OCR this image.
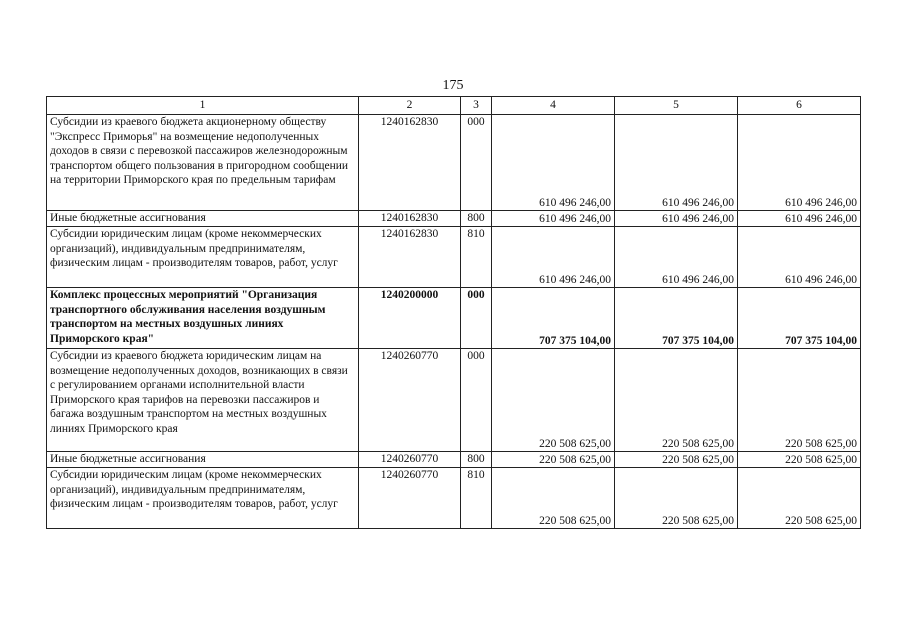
175
1	2	3	4	5	6
Субсидии из краевого бюджета акционерному обществу "Экспресс Приморья" на возмещение недополученных доходов в связи с перевозкой пассажиров железнодорожным транспортом общего пользования в пригородном сообщении на территории Приморского края по предельным тарифам	1240162830	000	610 496 246,00	610 496 246,00	610 496 246,00
Иные бюджетные ассигнования	1240162830	800	610 496 246,00	610 496 246,00	610 496 246,00
Субсидии юридическим лицам (кроме некоммерческих организаций), индивидуальным предпринимателям, физическим лицам - производителям товаров, работ, услуг	1240162830	810	610 496 246,00	610 496 246,00	610 496 246,00
Комплекс процессных мероприятий "Организация транспортного обслуживания населения воздушным транспортом на местных воздушных линиях Приморского края"	1240200000	000	707 375 104,00	707 375 104,00	707 375 104,00
Субсидии из краевого бюджета юридическим лицам на возмещение недополученных доходов, возникающих в связи с регулированием органами исполнительной власти Приморского края тарифов на перевозки пассажиров и багажа воздушным транспортом на местных воздушных линиях Приморского края	1240260770	000	220 508 625,00	220 508 625,00	220 508 625,00
Иные бюджетные ассигнования	1240260770	800	220 508 625,00	220 508 625,00	220 508 625,00
Субсидии юридическим лицам (кроме некоммерческих организаций), индивидуальным предпринимателям, физическим лицам - производителям товаров, работ, услуг	1240260770	810	220 508 625,00	220 508 625,00	220 508 625,00
